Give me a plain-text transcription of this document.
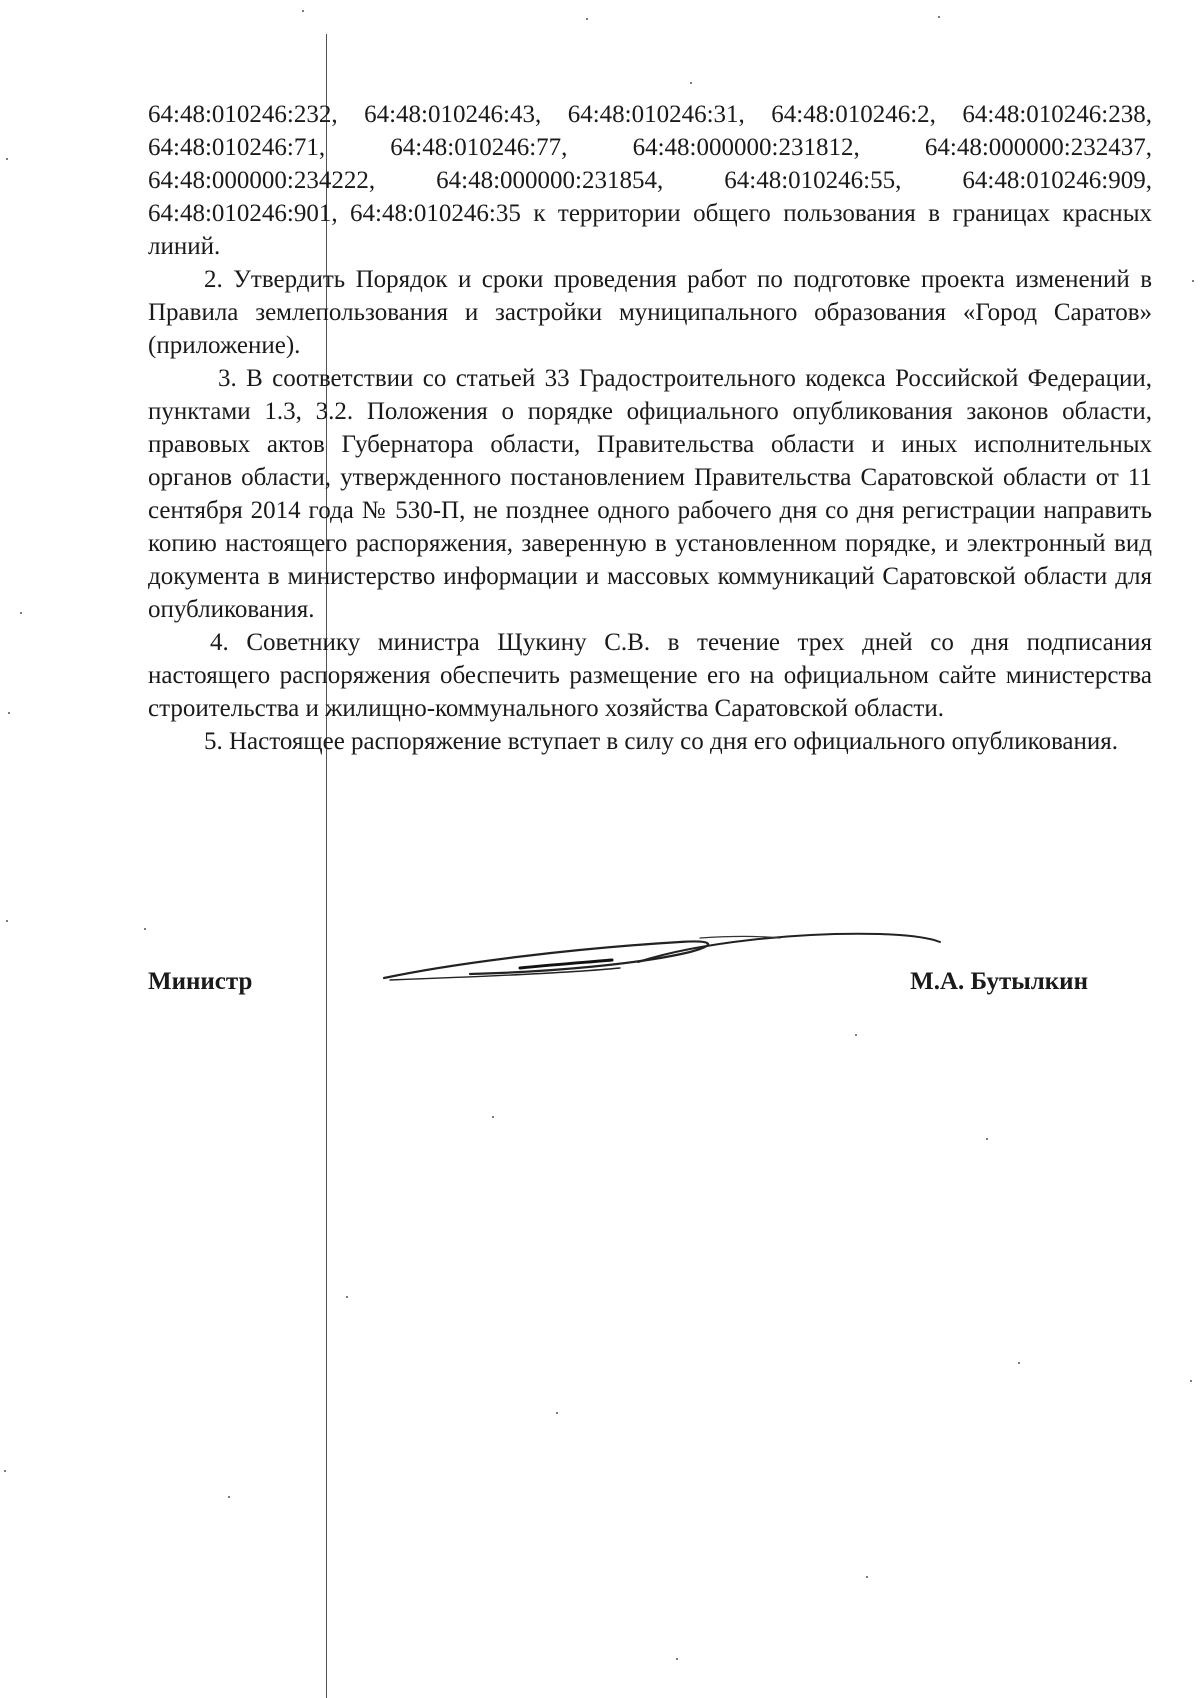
64:48:010246:232, 64:48:010246:43, 64:48:010246:31, 64:48:010246:2, 64:48:010246:238, 64:48:010246:71, 64:48:010246:77, 64:48:000000:231812, 64:48:000000:232437, 64:48:000000:234222, 64:48:000000:231854, 64:48:010246:55, 64:48:010246:909, 64:48:010246:901, 64:48:010246:35 к территории общего пользования в границах красных линий.

2. Утвердить Порядок и сроки проведения работ по подготовке проекта изменений в Правила землепользования и застройки муниципального образования «Город Саратов» (приложение).

3. В соответствии со статьей 33 Градостроительного кодекса Российской Федерации, пунктами 1.3, 3.2. Положения о порядке официального опубликования законов области, правовых актов Губернатора области, Правительства области и иных исполнительных органов области, утвержденного постановлением Правительства Саратовской области от 11 сентября 2014 года № 530-П, не позднее одного рабочего дня со дня регистрации направить копию настоящего распоряжения, заверенную в установленном порядке, и электронный вид документа в министерство информации и массовых коммуникаций Саратовской области для опубликования.

4. Советнику министра Щукину С.В. в течение трех дней со дня подписания настоящего распоряжения обеспечить размещение его на официальном сайте министерства строительства и жилищно-коммунального хозяйства Саратовской области.

5. Настоящее распоряжение вступает в силу со дня его официального опубликования.

Министр	М.А. Бутылкин
